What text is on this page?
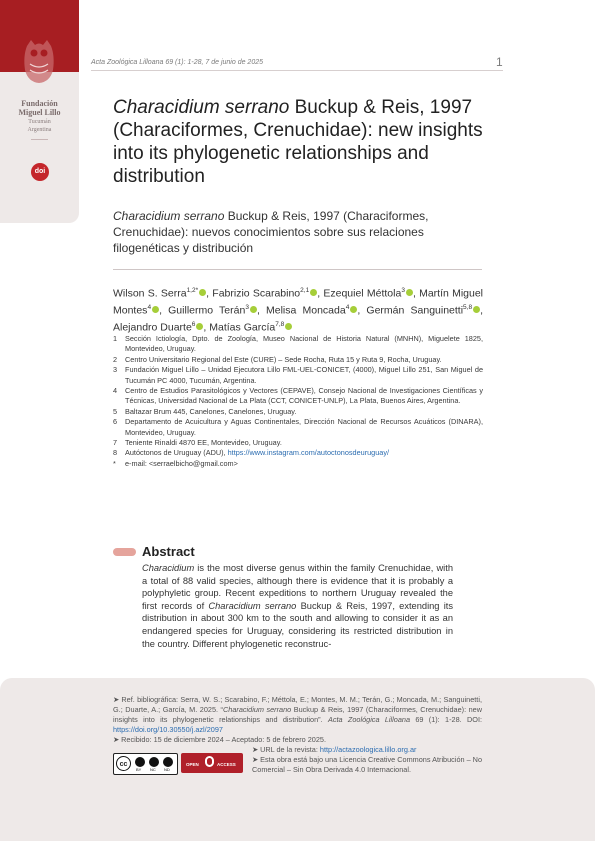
Fundación
Miguel Lillo
Tucumán
Argentina
doi
Acta Zoológica Lilloana 69 (1): 1-28, 7 de junio de 2025	1
Characidium serrano Buckup & Reis, 1997 (Characiformes, Crenuchidae): new insights into its phylogenetic relationships and distribution
Characidium serrano Buckup & Reis, 1997 (Characiformes, Crenuchidae): nuevos conocimientos sobre sus relaciones filogenéticas y distribución
Wilson S. Serra$^{1,2*}$ , Fabrizio Scarabino$^{2,1}$ , Ezequiel Méttola$^3$ , Martín Miguel Montes$^4$ , Guillermo Terán$^3$ , Melisa Moncada$^4$ , Germán Sanguinetti$^{5,8}$ , Alejandro Duarte$^6$ , Matías García$^{7,8}$
1	Sección Ictiología, Dpto. de Zoología, Museo Nacional de Historia Natural (MNHN), Miguelete 1825, Montevideo, Uruguay.
2	Centro Universitario Regional del Este (CURE) – Sede Rocha, Ruta 15 y Ruta 9, Rocha, Uruguay.
3	Fundación Miguel Lillo – Unidad Ejecutora Lillo FML-UEL-CONICET, (4000), Miguel Lillo 251, San Miguel de Tucumán PC 4000, Tucumán, Argentina.
4	Centro de Estudios Parasitológicos y Vectores (CEPAVE), Consejo Nacional de Investigaciones Científicas y Técnicas, Universidad Nacional de La Plata (CCT, CONICET-UNLP), La Plata, Buenos Aires, Argentina.
5	Baltazar Brum 445, Canelones, Canelones, Uruguay.
6	Departamento de Acuicultura y Aguas Continentales, Dirección Nacional de Recursos Acuáticos (DINARA), Montevideo, Uruguay.
7	Teniente Rinaldi 4870 EE, Montevideo, Uruguay.
8	Autóctonos de Uruguay (ADU), https://www.instagram.com/autoctonosdeuruguay/
*	e-mail: <serraelbicho@gmail.com>
Abstract
Characidium is the most diverse genus within the family Crenuchidae, with a total of 88 valid species, although there is evidence that it is probably a polyphyletic group. Recent expeditions to northern Uruguay revealed the first records of Characidium serrano Buckup & Reis, 1997, extending its distribution in about 300 km to the south and allowing to consider it as an endangered species for Uruguay, considering its restricted distribution in the country. Different phylogenetic reconstruc-
➤ Ref. bibliográfica: Serra, W. S.; Scarabino, F.; Méttola, E.; Montes, M. M.; Terán, G.; Moncada, M.; Sanguinetti, G.; Duarte, A.; García, M. 2025. “Characidium serrano Buckup & Reis, 1997 (Characiformes, Crenuchidae): new insights into its phylogenetic relationships and distribution”. Acta Zoológica Lilloana 69 (1): 1-28. DOI: https://doi.org/10.30550/j.azl/2097
➤ Recibido: 15 de diciembre 2024 – Aceptado: 5 de febrero 2025.
cc
BY NC ND
OPEN	ACCESS
➤ URL de la revista: http://actazoologica.lillo.org.ar
➤ Esta obra está bajo una Licencia Creative Commons Atribución – No Comercial – Sin Obra Derivada 4.0 Internacional.
